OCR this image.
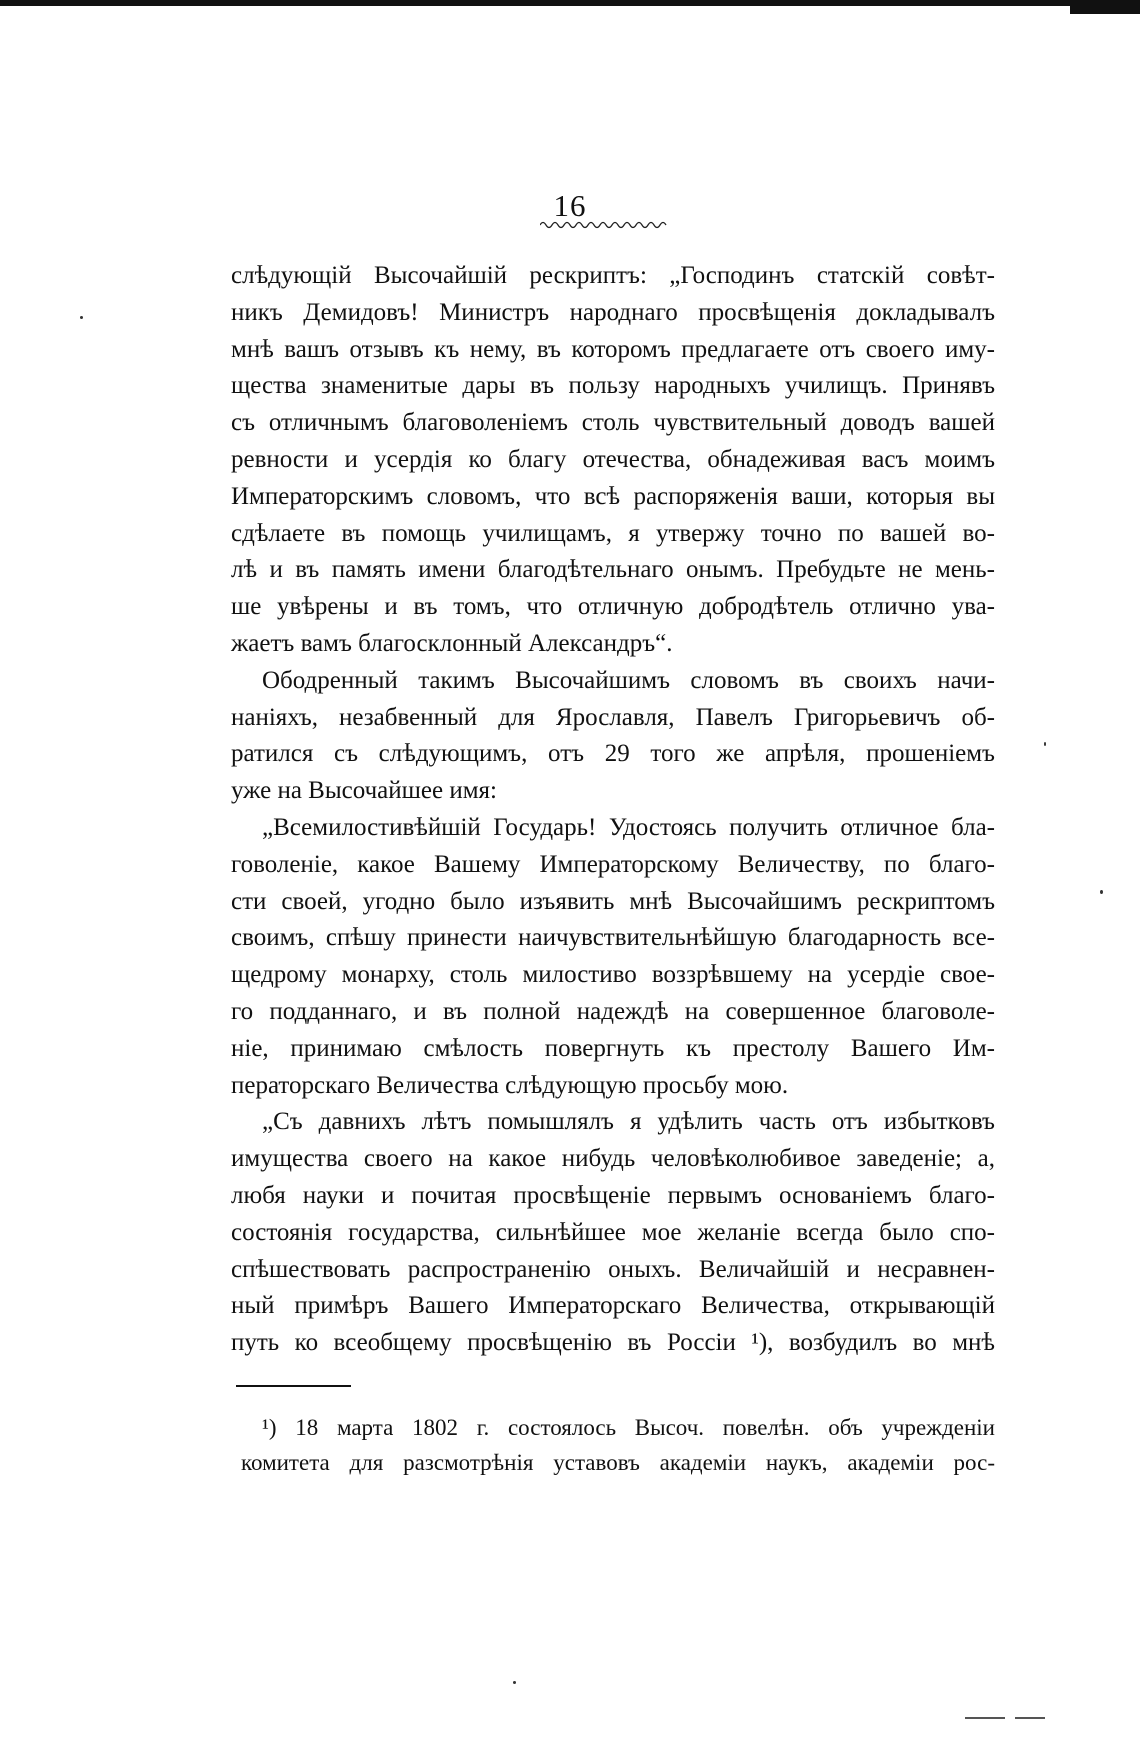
16
слѣдующій Высочайшій рескриптъ: „Господинъ статскій совѣт-
никъ Демидовъ! Министръ народнаго просвѣщенія докладывалъ
мнѣ вашъ отзывъ къ нему, въ которомъ предлагаете отъ своего иму-
щества знаменитые дары въ пользу народныхъ училищъ. Принявъ
съ отличнымъ благоволеніемъ столь чувствительный доводъ вашей
ревности и усердія ко благу отечества, обнадеживая васъ моимъ
Императорскимъ словомъ, что всѣ распоряженія ваши, которыя вы
сдѣлаете въ помощь училищамъ, я утвержу точно по вашей во-
лѣ и въ память имени благодѣтельнаго онымъ. Пребудьте не мень-
ше увѣрены и въ томъ, что отличную добродѣтель отлично ува-
жаетъ вамъ благосклонный Александръ“.
Ободренный такимъ Высочайшимъ словомъ въ своихъ начи-
наніяхъ, незабвенный для Ярославля, Павелъ Григорьевичъ об-
ратился съ слѣдующимъ, отъ 29 того же апрѣля, прошеніемъ
уже на Высочайшее имя:
„Всемилостивѣйшій Государь! Удостоясь получить отличное бла-
говоленіе, какое Вашему Императорскому Величеству, по благо-
сти своей, угодно было изъявить мнѣ Высочайшимъ рескриптомъ
своимъ, спѣшу принести наичувствительнѣйшую благодарность все-
щедрому монарху, столь милостиво воззрѣвшему на усердіе свое-
го подданнаго, и въ полной надеждѣ на совершенное благоволе-
ніе, принимаю смѣлость повергнуть къ престолу Вашего Им-
ператорскаго Величества слѣдующую просьбу мою.
„Съ давнихъ лѣтъ помышлялъ я удѣлить часть отъ избытковъ
имущества своего на какое нибудь человѣколюбивое заведеніе; а,
любя науки и почитая просвѣщеніе первымъ основаніемъ благо-
состоянія государства, сильнѣйшее мое желаніе всегда было спо-
спѣшествовать распространенію оныхъ. Величайшій и несравнен-
ный примѣръ Вашего Императорскаго Величества, открывающій
путь ко всеобщему просвѣщенію въ Россіи ¹), возбудилъ во мнѣ
¹) 18 марта 1802 г. состоялось Высоч. повелѣн. объ учрежденіи
комитета для разсмотрѣнія уставовъ академіи наукъ, академіи рос-
